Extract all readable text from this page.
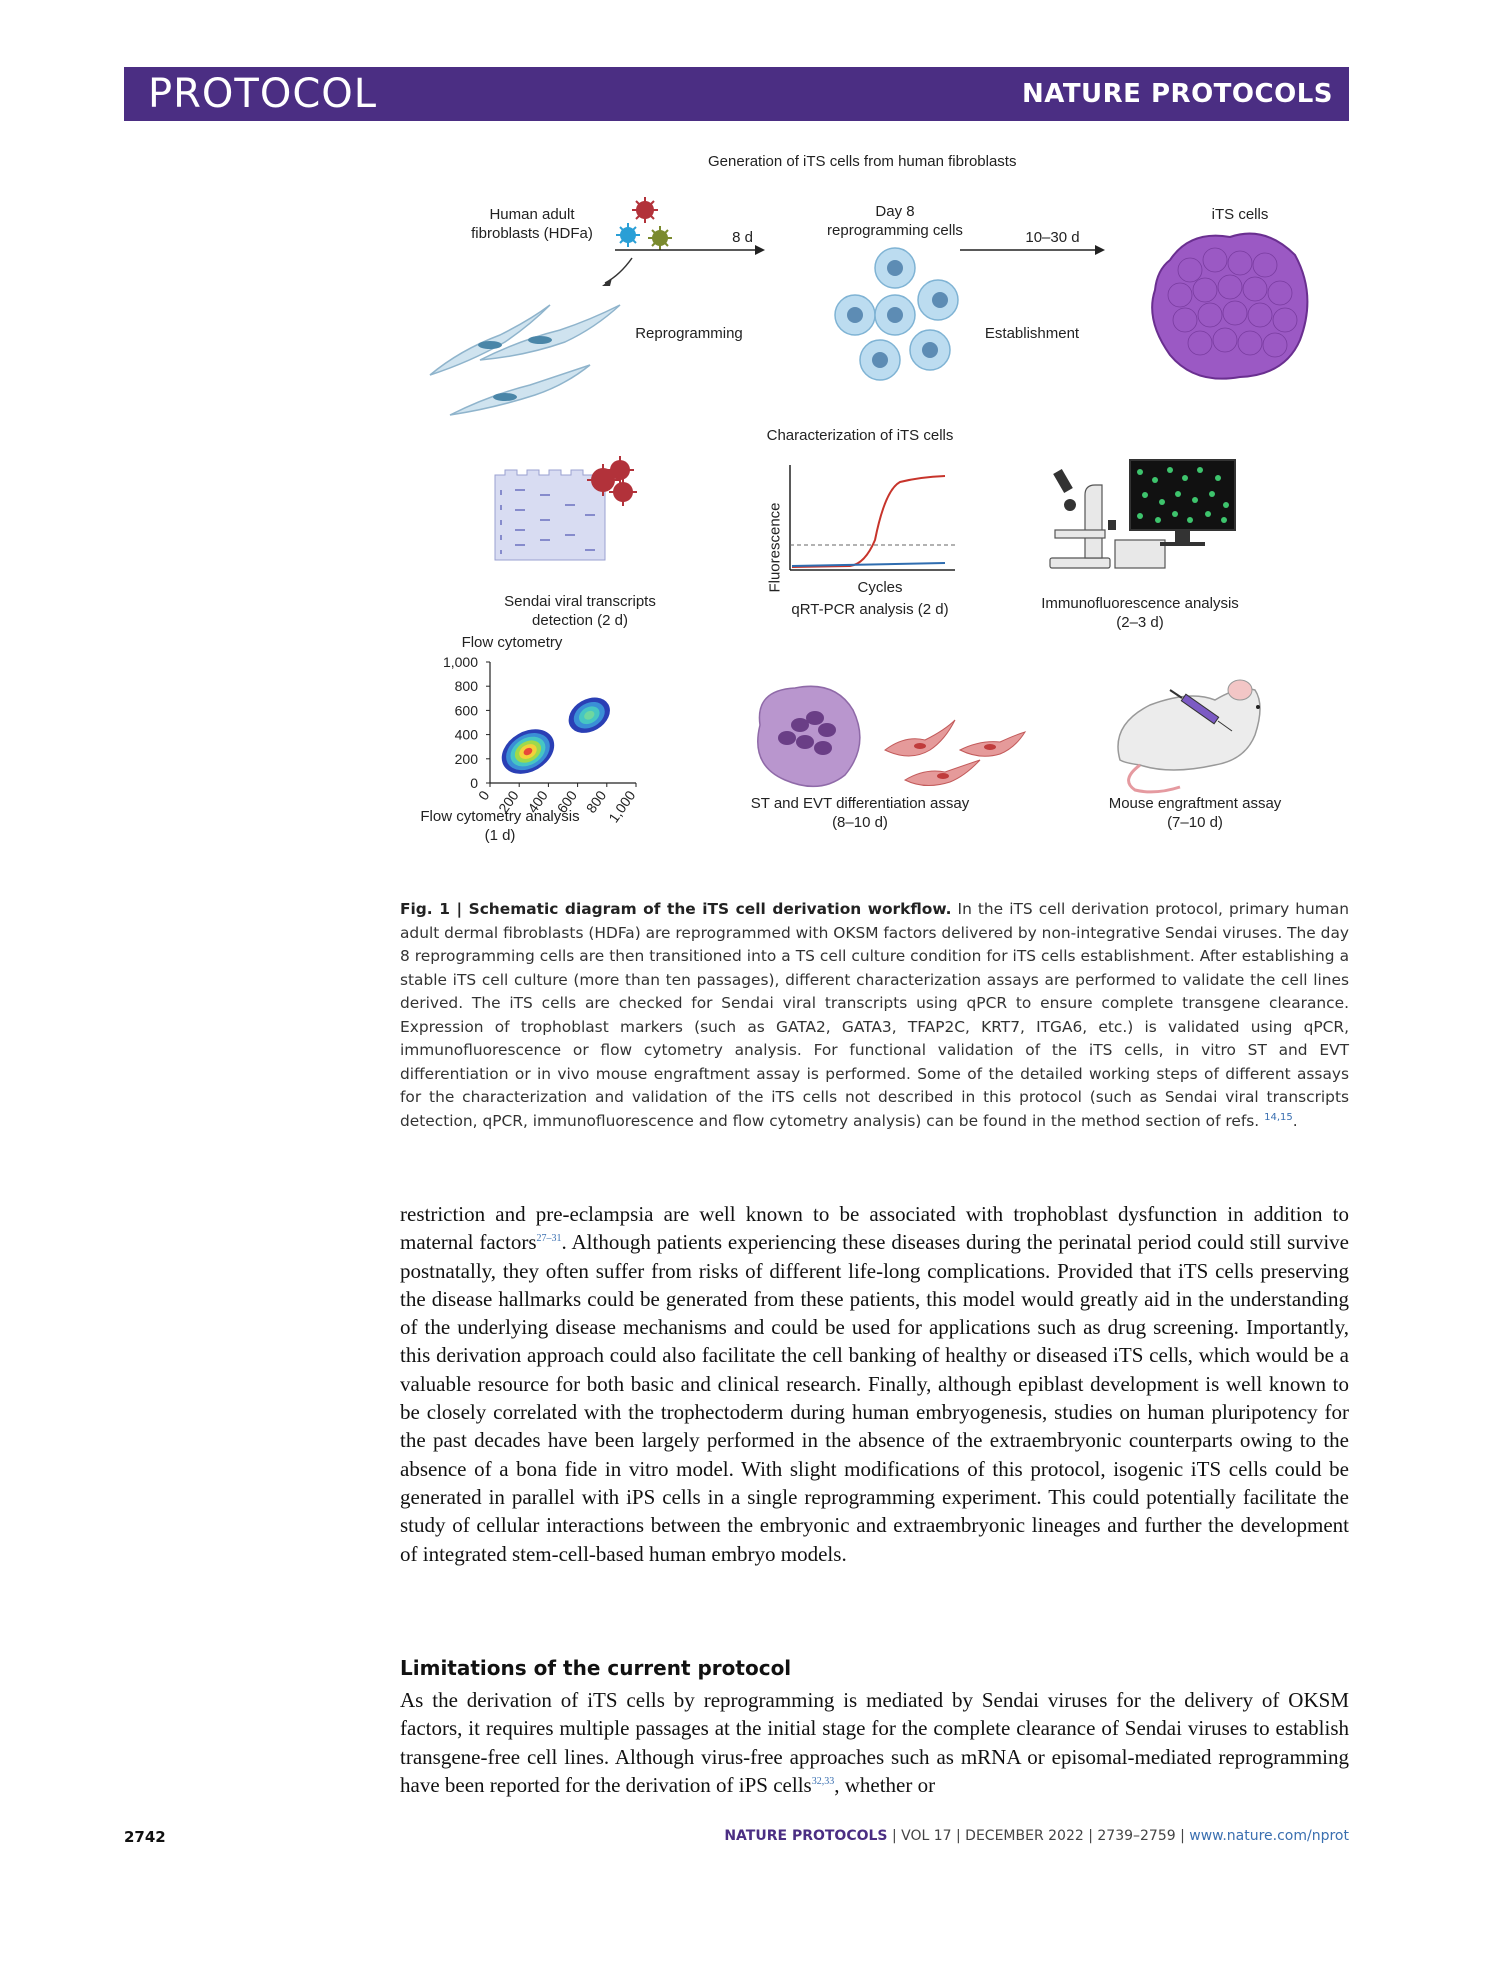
PROTOCOL	NATURE PROTOCOLS
Generation of iTS cells from human fibroblasts
Human adult
fibroblasts (HDFa)	8 d
Reprogramming
Day 8
reprogramming cells	10–30 d
Establishment
iTS cells
Characterization of iTS cells
Sendai viral transcripts
detection (2 d)
Fluorescence	Cycles
qRT-PCR analysis (2 d)	Immunofluorescence analysis
(2–3 d)
Flow cytometry
0
200
400
600
800
1,000
0 200 400 600 800
1,000
Flow cytometry analysis
(1 d)
ST and EVT differentiation assay
(8–10 d)
Mouse engraftment assay
(7–10 d)
Fig. 1 | Schematic diagram of the iTS cell derivation workflow. In the iTS cell derivation protocol, primary human adult dermal fibroblasts (HDFa) are reprogrammed with OKSM factors delivered by non-integrative Sendai viruses. The day 8 reprogramming cells are then transitioned into a TS cell culture condition for iTS cells establishment. After establishing a stable iTS cell culture (more than ten passages), different characterization assays are performed to validate the cell lines derived. The iTS cells are checked for Sendai viral transcripts using qPCR to ensure complete transgene clearance. Expression of trophoblast markers (such as GATA2, GATA3, TFAP2C, KRT7, ITGA6, etc.) is validated using qPCR, immunofluorescence or flow cytometry analysis. For functional validation of the iTS cells, in vitro ST and EVT differentiation or in vivo mouse engraftment assay is performed. Some of the detailed working steps of different assays for the characterization and validation of the iTS cells not described in this protocol (such as Sendai viral transcripts detection, qPCR, immunofluorescence and flow cytometry analysis) can be found in the method section of refs. $^{14,15}$.

restriction and pre-eclampsia are well known to be associated with trophoblast dysfunction in addition to maternal factors$^{27-31}$. Although patients experiencing these diseases during the perinatal period could still survive postnatally, they often suffer from risks of different life-long complications. Provided that iTS cells preserving the disease hallmarks could be generated from these patients, this model would greatly aid in the understanding of the underlying disease mechanisms and could be used for applications such as drug screening. Importantly, this derivation approach could also facilitate the cell banking of healthy or diseased iTS cells, which would be a valuable resource for both basic and clinical research. Finally, although epiblast development is well known to be closely correlated with the trophectoderm during human embryogenesis, studies on human pluripotency for the past decades have been largely performed in the absence of the extraembryonic counterparts owing to the absence of a bona fide in vitro model. With slight modifications of this protocol, isogenic iTS cells could be generated in parallel with iPS cells in a single reprogramming experiment. This could potentially facilitate the study of cellular interactions between the embryonic and extraembryonic lineages and further the development of integrated stem-cell-based human embryo models.

Limitations of the current protocol

As the derivation of iTS cells by reprogramming is mediated by Sendai viruses for the delivery of OKSM factors, it requires multiple passages at the initial stage for the complete clearance of Sendai viruses to establish transgene-free cell lines. Although virus-free approaches such as mRNA or episomal-mediated reprogramming have been reported for the derivation of iPS cells$^{32,33}$, whether or

2742	NATURE PROTOCOLS | VOL 17 | DECEMBER 2022 | 2739–2759 | www.nature.com/nprot
